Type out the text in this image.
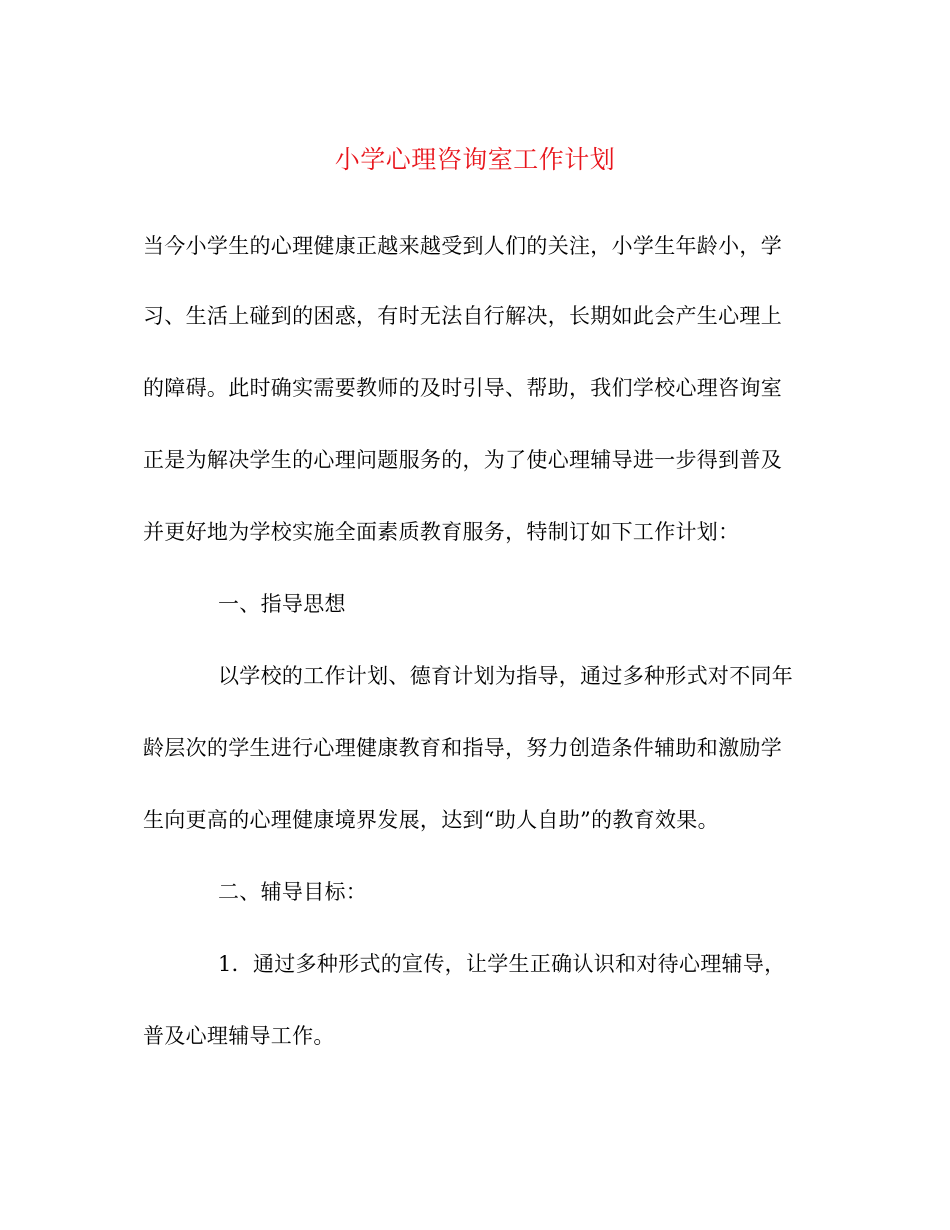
小学心理咨询室工作计划
当今小学生的心理健康正越来越受到人们的关注，小学生年龄小，学
习、生活上碰到的困惑，有时无法自行解决，长期如此会产生心理上
的障碍。此时确实需要教师的及时引导、帮助，我们学校心理咨询室
正是为解决学生的心理问题服务的，为了使心理辅导进一步得到普及
并更好地为学校实施全面素质教育服务，特制订如下工作计划：
一、指导思想
以学校的工作计划、德育计划为指导，通过多种形式对不同年
龄层次的学生进行心理健康教育和指导，努力创造条件辅助和激励学
生向更高的心理健康境界发展，达到“助人自助”的教育效果。
二、辅导目标：
1．通过多种形式的宣传，让学生正确认识和对待心理辅导，
普及心理辅导工作。
